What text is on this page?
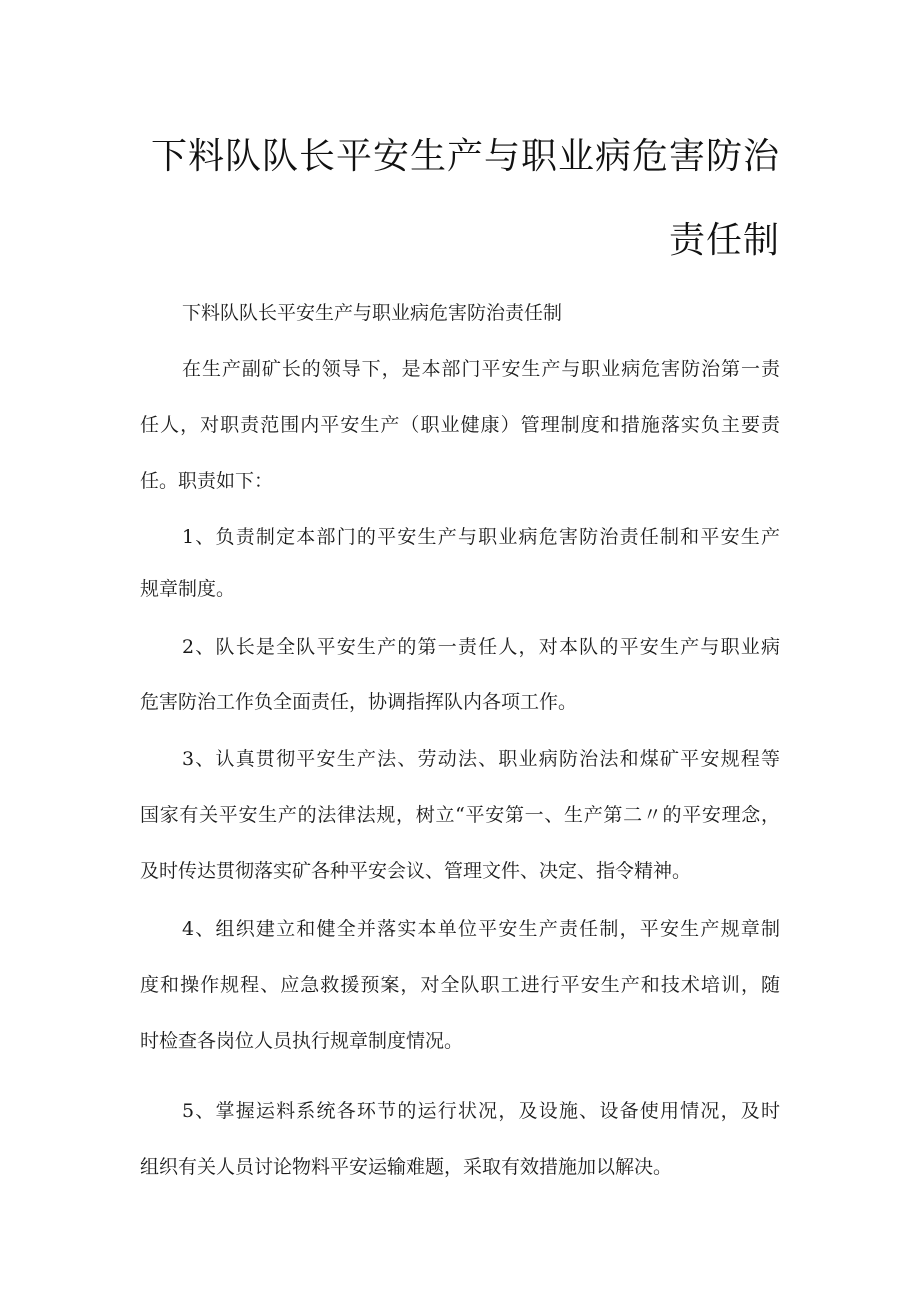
下料队队长平安生产与职业病危害防治
责任制
下料队队长平安生产与职业病危害防治责任制
在生产副矿长的领导下，是本部门平安生产与职业病危害防治第一责
任人，对职责范围内平安生产（职业健康）管理制度和措施落实负主要责
任。职责如下：
1、负责制定本部门的平安生产与职业病危害防治责任制和平安生产
规章制度。
2、队长是全队平安生产的第一责任人，对本队的平安生产与职业病
危害防治工作负全面责任，协调指挥队内各项工作。
3、认真贯彻平安生产法、劳动法、职业病防治法和煤矿平安规程等
国家有关平安生产的法律法规，树立“平安第一、生产第二〃的平安理念，
及时传达贯彻落实矿各种平安会议、管理文件、决定、指令精神。
4、组织建立和健全并落实本单位平安生产责任制，平安生产规章制
度和操作规程、应急救援预案，对全队职工进行平安生产和技术培训，随
时检查各岗位人员执行规章制度情况。
5、掌握运料系统各环节的运行状况，及设施、设备使用情况，及时
组织有关人员讨论物料平安运输难题，采取有效措施加以解决。
